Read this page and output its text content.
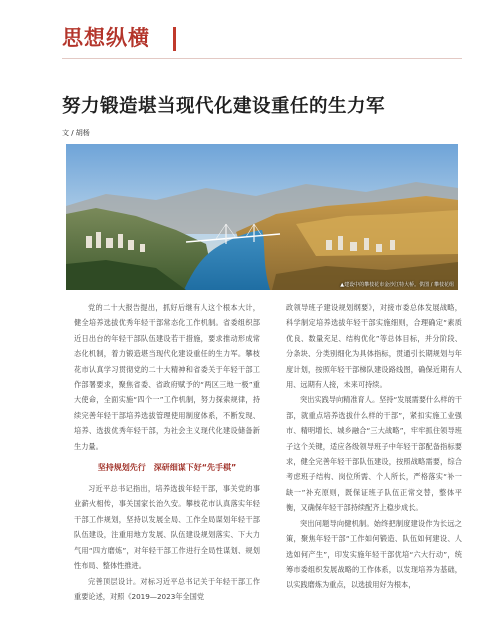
思想纵横
努力锻造堪当现代化建设重任的生力军
文 / 胡杨
▲建设中的攀枝花市金沙江特大桥。供图 / 攀枝花组

党的二十大报告提出，抓好后继有人这个根本大计，健全培养选拔优秀年轻干部常态化工作机制。省委组织部近日出台的年轻干部队伍建设若干措施，要求推动形成常态化机制，着力锻造堪当现代化建设重任的生力军。攀枝花市认真学习贯彻党的二十大精神和省委关于年轻干部工作部署要求，聚焦省委、省政府赋予的“两区三地一极”重大使命，全面实施“四个一”工作机制，努力探索规律，持续完善年轻干部培养选拔管理使用制度体系，不断发现、培养、选拔优秀年轻干部，为社会主义现代化建设储备新生力量。

坚持规划先行　深研细谋下好“先手棋”

习近平总书记指出，培养选拔年轻干部，事关党的事业薪火相传，事关国家长治久安。攀枝花市认真落实年轻干部工作规划，坚持以发展全局、工作全局谋划年轻干部队伍建设，注重用地方发展、队伍建设规划落实、下大力气用“四方磨炼”，对年轻干部工作进行全局性谋划、规划性布局、整体性推进。

完善顶层设计。对标习近平总书记关于年轻干部工作重要论述，对照《2019—2023年全国党

政领导班子建设规划纲要》，对接市委总体发展战略，科学制定培养选拔年轻干部实施细则，合理确定“素质优良、数量充足、结构优化”等总体目标，并分阶段、分条块、分类别细化为具体指标，贯通引长期规划与年度计划，按照年轻干部梯队建设路线图，确保近期有人用、远期有人接，未来可持续。

突出实践导向精准育人。坚持“发展需要什么样的干部，就重点培养选拔什么样的干部”，紧扣实施工业强市、精明增长、城乡融合“三大战略”，牢牢抓住领导班子这个关键，适应各级领导班子中年轻干部配备指标要求，健全完善年轻干部队伍建设，按照战略需要，综合考虑班子结构、岗位所需、个人所长，严格落实“补一缺一”补充原则，既保证班子队伍正常交替，整体平衡，又确保年轻干部持续配齐上稳步成长。

突出问题导向健机制。始终把制度建设作为长远之策，聚焦年轻干部“工作如何锻造、队伍如何建设、人选如何产生”，印发实施年轻干部优培“六大行动”，统筹市委组织发展战略的工作体系，以发现培养为基础，以实践磨炼为重点，以选拔用好为根本，
